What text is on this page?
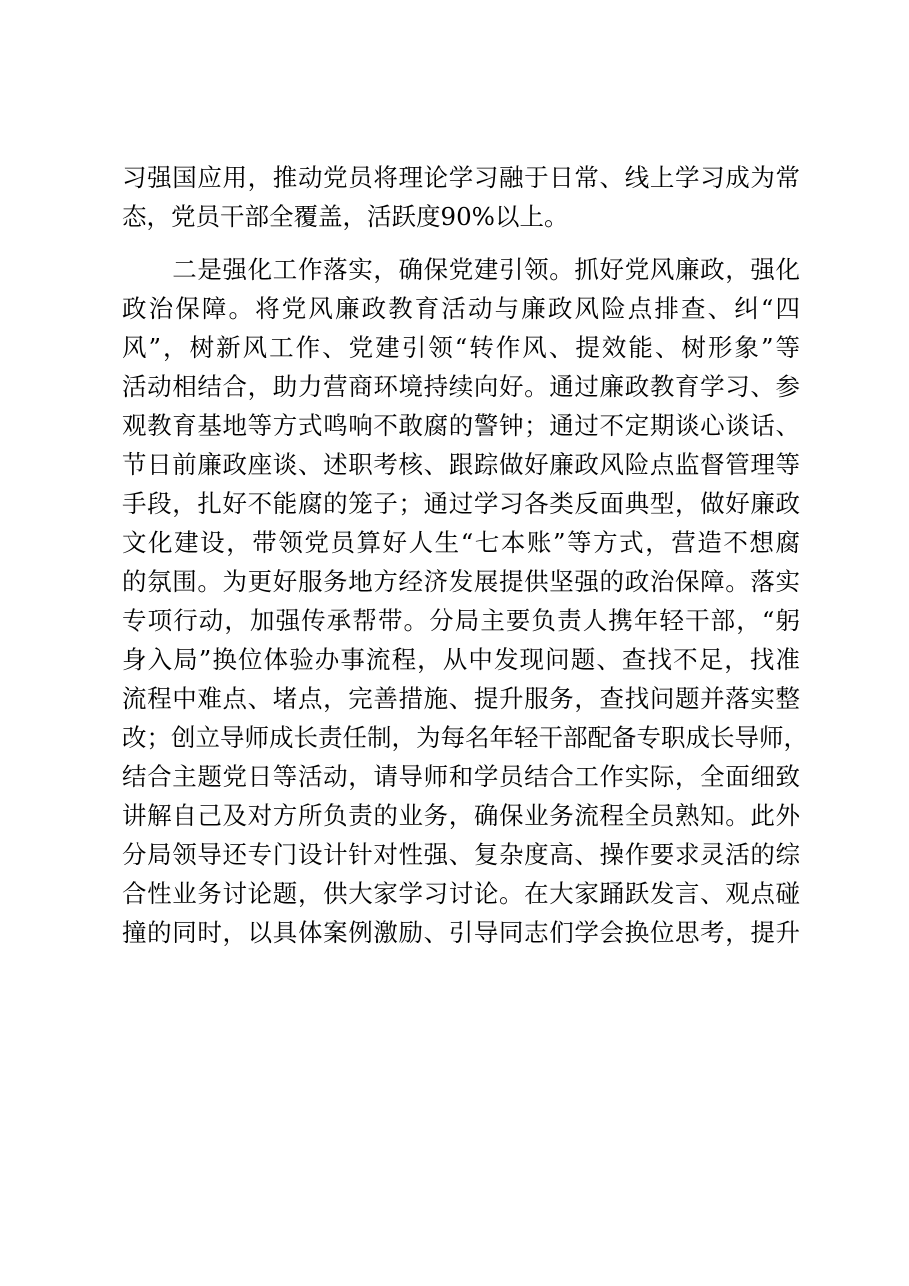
习强国应用，推动党员将理论学习融于日常、线上学习成为常

态，党员干部全覆盖，活跃度90%以上。

　　二是强化工作落实，确保党建引领。抓好党风廉政，强化

政治保障。将党风廉政教育活动与廉政风险点排查、纠“四

风”，树新风工作、党建引领“转作风、提效能、树形象”等

活动相结合，助力营商环境持续向好。通过廉政教育学习、参

观教育基地等方式鸣响不敢腐的警钟；通过不定期谈心谈话、

节日前廉政座谈、述职考核、跟踪做好廉政风险点监督管理等

手段，扎好不能腐的笼子；通过学习各类反面典型，做好廉政

文化建设，带领党员算好人生“七本账”等方式，营造不想腐

的氛围。为更好服务地方经济发展提供坚强的政治保障。落实

专项行动，加强传承帮带。分局主要负责人携年轻干部，“躬

身入局”换位体验办事流程，从中发现问题、查找不足，找准

流程中难点、堵点，完善措施、提升服务，查找问题并落实整

改；创立导师成长责任制，为每名年轻干部配备专职成长导师，

结合主题党日等活动，请导师和学员结合工作实际，全面细致

讲解自己及对方所负责的业务，确保业务流程全员熟知。此外

分局领导还专门设计针对性强、复杂度高、操作要求灵活的综

合性业务讨论题，供大家学习讨论。在大家踊跃发言、观点碰

撞的同时，以具体案例激励、引导同志们学会换位思考，提升
